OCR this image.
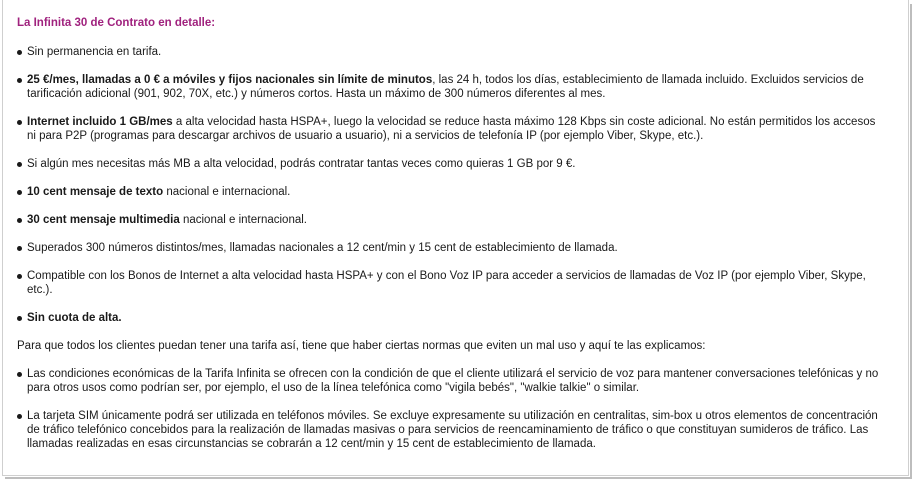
La Infinita 30 de Contrato en detalle:
Sin permanencia en tarifa.
25 €/mes, llamadas a 0 € a móviles y fijos nacionales sin límite de minutos, las 24 h, todos los días, establecimiento de llamada incluido. Excluidos servicios de tarificación adicional (901, 902, 70X, etc.) y números cortos. Hasta un máximo de 300 números diferentes al mes.
Internet incluido 1 GB/mes a alta velocidad hasta HSPA+, luego la velocidad se reduce hasta máximo 128 Kbps sin coste adicional. No están permitidos los accesos ni para P2P (programas para descargar archivos de usuario a usuario), ni a servicios de telefonía IP (por ejemplo Viber, Skype, etc.).
Si algún mes necesitas más MB a alta velocidad, podrás contratar tantas veces como quieras 1 GB por 9 €.
10 cent mensaje de texto nacional e internacional.
30 cent mensaje multimedia nacional e internacional.
Superados 300 números distintos/mes, llamadas nacionales a 12 cent/min y 15 cent de establecimiento de llamada.
Compatible con los Bonos de Internet a alta velocidad hasta HSPA+ y con el Bono Voz IP para acceder a servicios de llamadas de Voz IP (por ejemplo Viber, Skype, etc.).
Sin cuota de alta.

Para que todos los clientes puedan tener una tarifa así, tiene que haber ciertas normas que eviten un mal uso y aquí te las explicamos:

Las condiciones económicas de la Tarifa Infinita se ofrecen con la condición de que el cliente utilizará el servicio de voz para mantener conversaciones telefónicas y no para otros usos como podrían ser, por ejemplo, el uso de la línea telefónica como "vigila bebés", "walkie talkie" o similar.
La tarjeta SIM únicamente podrá ser utilizada en teléfonos móviles. Se excluye expresamente su utilización en centralitas, sim-box u otros elementos de concentración de tráfico telefónico concebidos para la realización de llamadas masivas o para servicios de reencaminamiento de tráfico o que constituyan sumideros de tráfico. Las llamadas realizadas en esas circunstancias se cobrarán a 12 cent/min y 15 cent de establecimiento de llamada.
